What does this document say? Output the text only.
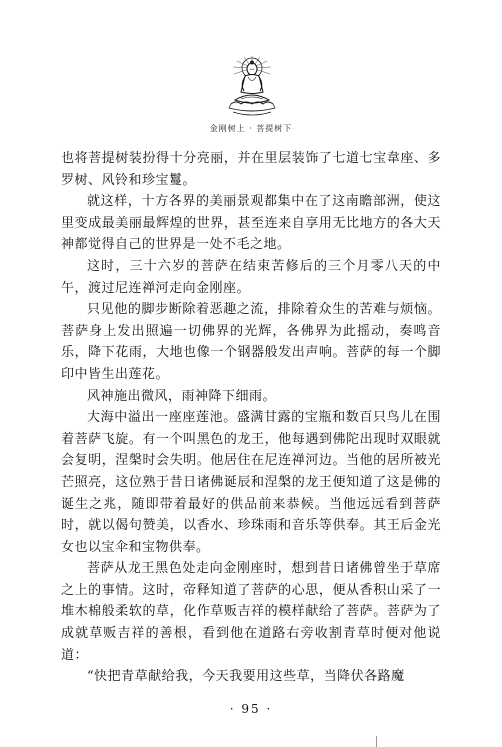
金刚树上 · 菩提树下

也将菩提树装扮得十分亮丽，并在里层装饰了七道七宝韋座、多罗树、风铃和珍宝鬘。

就这样，十方各界的美丽景观都集中在了这南瞻部洲，使这里变成最美丽最辉煌的世界，甚至连来自享用无比地方的各大天神都觉得自己的世界是一处不毛之地。

这时，三十六岁的菩萨在结束苦修后的三个月零八天的中午，渡过尼连禅河走向金刚座。

只见他的脚步断除着恶趣之流，排除着众生的苦难与烦恼。菩萨身上发出照遍一切佛界的光辉，各佛界为此摇动，奏鸣音乐，降下花雨，大地也像一个钢器般发出声响。菩萨的每一个脚印中皆生出莲花。

风神施出微风，雨神降下细雨。

大海中溢出一座座莲池。盛满甘露的宝瓶和数百只鸟儿在围着菩萨飞旋。有一个叫黑色的龙王，他每遇到佛陀出现时双眼就会复明，涅槃时会失明。他居住在尼连禅河边。当他的居所被光芒照亮，这位熟于昔日诸佛诞辰和涅槃的龙王便知道了这是佛的诞生之兆，随即带着最好的供品前来恭候。当他远远看到菩萨时，就以偈句赞美，以香水、珍珠雨和音乐等供奉。其王后金光女也以宝伞和宝物供奉。

菩萨从龙王黑色处走向金刚座时，想到昔日诸佛曾坐于草席之上的事情。这时，帝释知道了菩萨的心思，便从香积山采了一堆木棉般柔软的草，化作草贩吉祥的模样献给了菩萨。菩萨为了成就草贩吉祥的善根，看到他在道路右旁收割青草时便对他说道：

“快把青草献给我，今天我要用这些草，当降伏各路魔

· 95 ·
